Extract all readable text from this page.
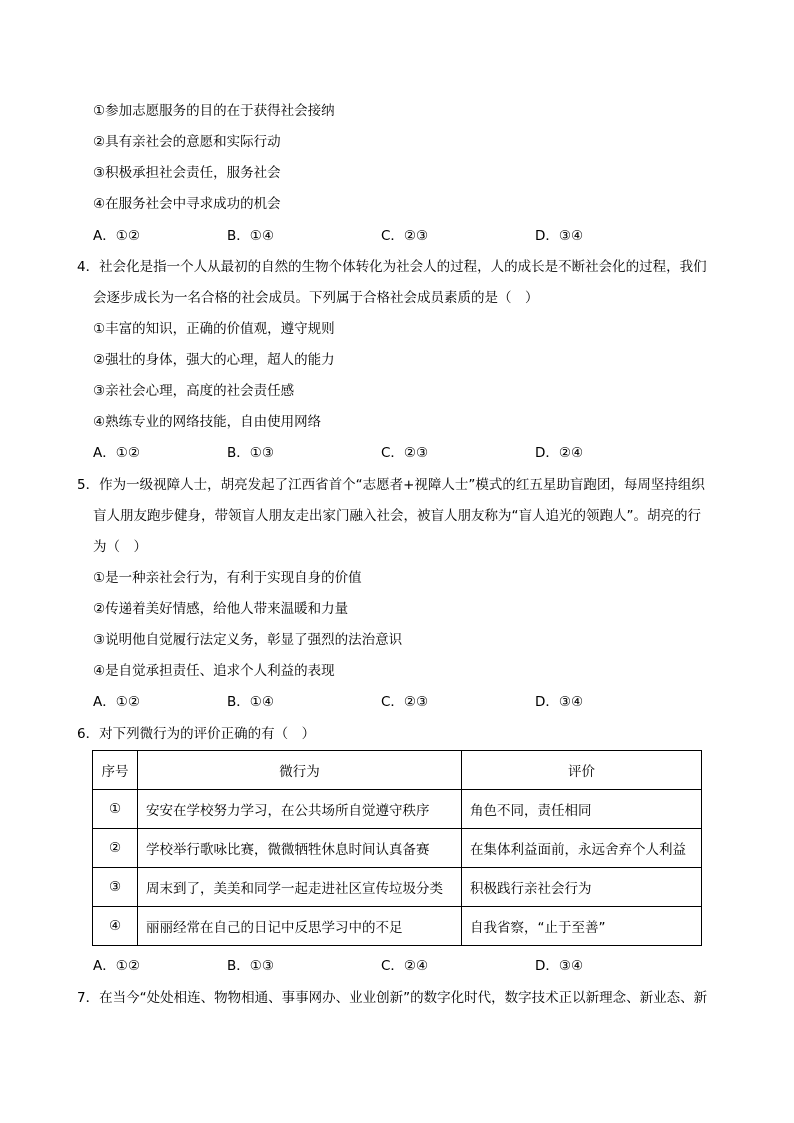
①参加志愿服务的目的在于获得社会接纳
②具有亲社会的意愿和实际行动
③积极承担社会责任，服务社会
④在服务社会中寻求成功的机会
A．①②	B．①④	C．②③	D．③④
4．社会化是指一个人从最初的自然的生物个体转化为社会人的过程，人的成长是不断社会化的过程，我们
会逐步成长为一名合格的社会成员。下列属于合格社会成员素质的是（　）
①丰富的知识，正确的价值观，遵守规则
②强壮的身体，强大的心理，超人的能力
③亲社会心理，高度的社会责任感
④熟练专业的网络技能，自由使用网络
A．①②	B．①③	C．②③	D．②④
5．作为一级视障人士，胡亮发起了江西省首个“志愿者+视障人士”模式的红五星助盲跑团，每周坚持组织
盲人朋友跑步健身，带领盲人朋友走出家门融入社会，被盲人朋友称为“盲人追光的领跑人”。胡亮的行
为（　）
①是一种亲社会行为，有利于实现自身的价值
②传递着美好情感，给他人带来温暖和力量
③说明他自觉履行法定义务，彰显了强烈的法治意识
④是自觉承担责任、追求个人利益的表现
A．①②	B．①④	C．②③	D．③④
6．对下列微行为的评价正确的有（　）
序号	微行为	评价
①	安安在学校努力学习，在公共场所自觉遵守秩序	角色不同，责任相同
②	学校举行歌咏比赛，微微牺牲休息时间认真备赛	在集体利益面前，永远舍弃个人利益
③	周末到了，美美和同学一起走进社区宣传垃圾分类	积极践行亲社会行为
④	丽丽经常在自己的日记中反思学习中的不足	自我省察，“止于至善”
A．①②	B．①③	C．②④	D．③④
7．在当今“处处相连、物物相通、事事网办、业业创新”的数字化时代，数字技术正以新理念、新业态、新
